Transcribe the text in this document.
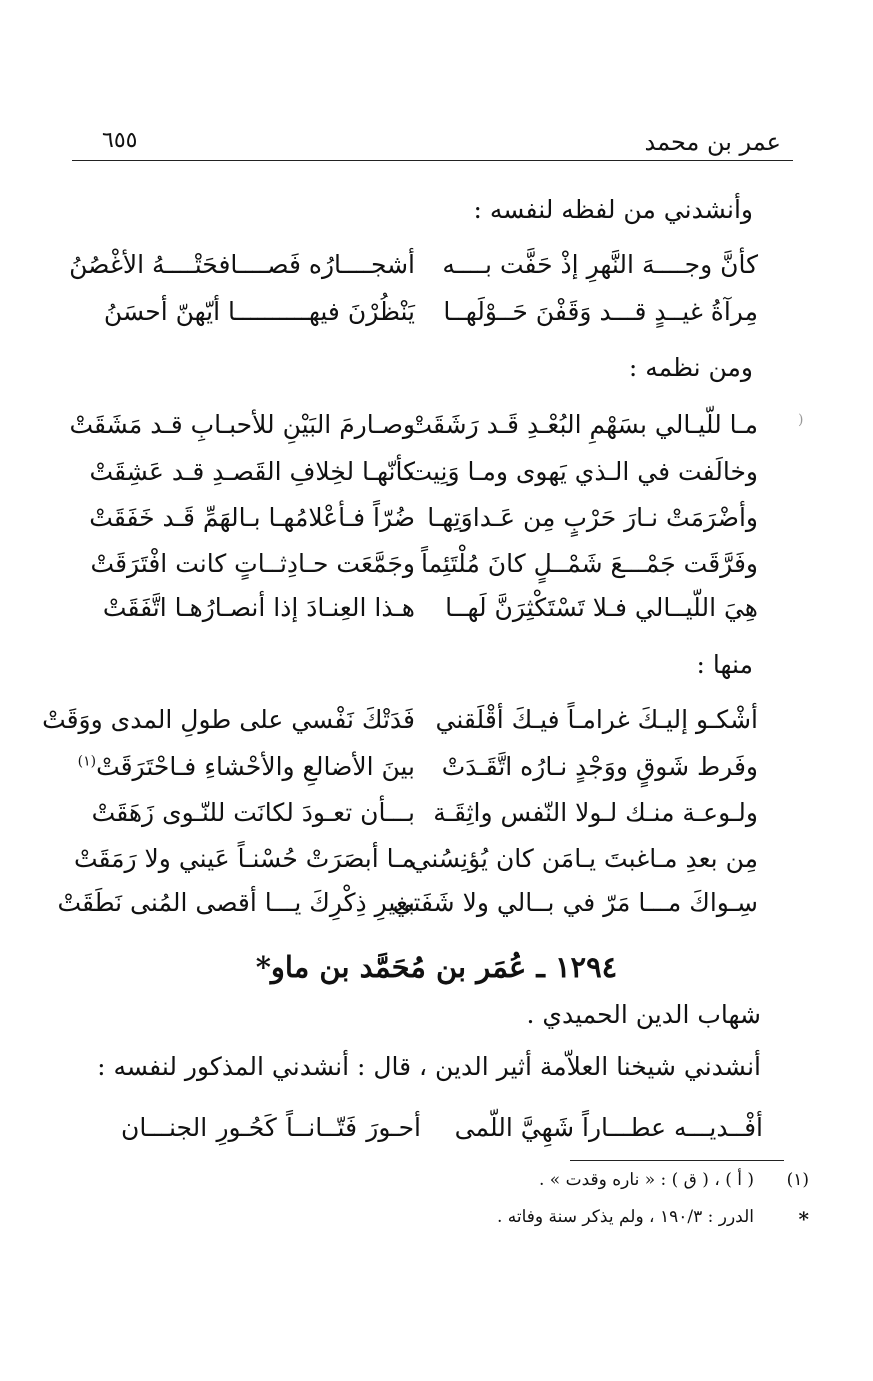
عمر بن محمد
٦٥٥
(
وأنشدني من لفظه لنفسه :
كأنَّ وجــــهَ النَّهرِ إذْ حَفَّت بــــه
أشجــــارُه فَصــــافحَتْــــهُ الأغْصُنُ
مِرآةُ غيــدٍ قـــد وَقَفْنَ حَــوْلَهــا
يَنْظُرْنَ فيهــــــــــا أيّهنّ أحسَنُ
ومن نظمه :
مـا للّيـالي بسَهْمِ البُعْـدِ قَـد رَشَقَتْ
وصـارمَ البَيْنِ للأحبـابِ قـد مَشَقَتْ
وخالَفت في الـذي يَهوى ومـا وَنِيت
كأنّهـا لخِلافِ القَصـدِ قـد عَشِقَتْ
وأضْرَمَتْ نـارَ حَرْبٍ مِن عَـداوَتِهـا
ضُرّاً فـأعْلامُهـا بـالهَمِّ قَـد خَفَقَتْ
وفَرَّقَت جَمْـــعَ شَمْــلٍ كانَ مُلْتَئِماً
وجَمَّعَت حـادِثــاتٍ كانت افْتَرَقَتْ
هِيَ اللّيــالي فـلا تَسْتَكْثِرَنَّ لَهــا
هـذا العِنـادَ إذا أنصـارُهـا اتَّفَقَتْ
منها :
أشْكـو إليـكَ غرامـاً فيـكَ أقْلَقني
فَدَتْكَ نَفْسي على طولِ المدى ووَقَتْ
وفَرط شَوقٍ ووَجْدٍ نـارُه اتَّقَـدَتْ
بينَ الأضالعِ والأحْشاءِ فـاحْتَرَقَتْ$^{(١)}$
ولـوعـة منـك لـولا النّفس واثِقَـة
بـــأن تعـودَ لكانَت للنّـوى زَهَقَتْ
مِن بعدِ مـاغبتَ يـامَن كان يُؤنِسُني
مـا أبصَرَتْ حُسْنـاً عَيني ولا رَمَقَتْ
سِـواكَ مـــا مَرّ في بــالي ولا شَفَتي
بغيرِ ذِكْرِكَ يـــا أقصى المُنى نَطَقَتْ
١٢٩٤ ـ عُمَر بن مُحَمَّد بن ماو*
شهاب الدين الحميدي .
أنشدني شيخنا العلاّمة أثير الدين ، قال : أنشدني المذكور لنفسه :
أفْــديـــه عطـــاراً شَهِيَّ اللّمى
أحـورَ فَتّــانــاً كَحُـورِ الجنـــان
(١)
( أ ) ، ( ق ) : « ناره وقدت » .
*
الدرر : ١٩٠/٣ ، ولم يذكر سنة وفاته .
